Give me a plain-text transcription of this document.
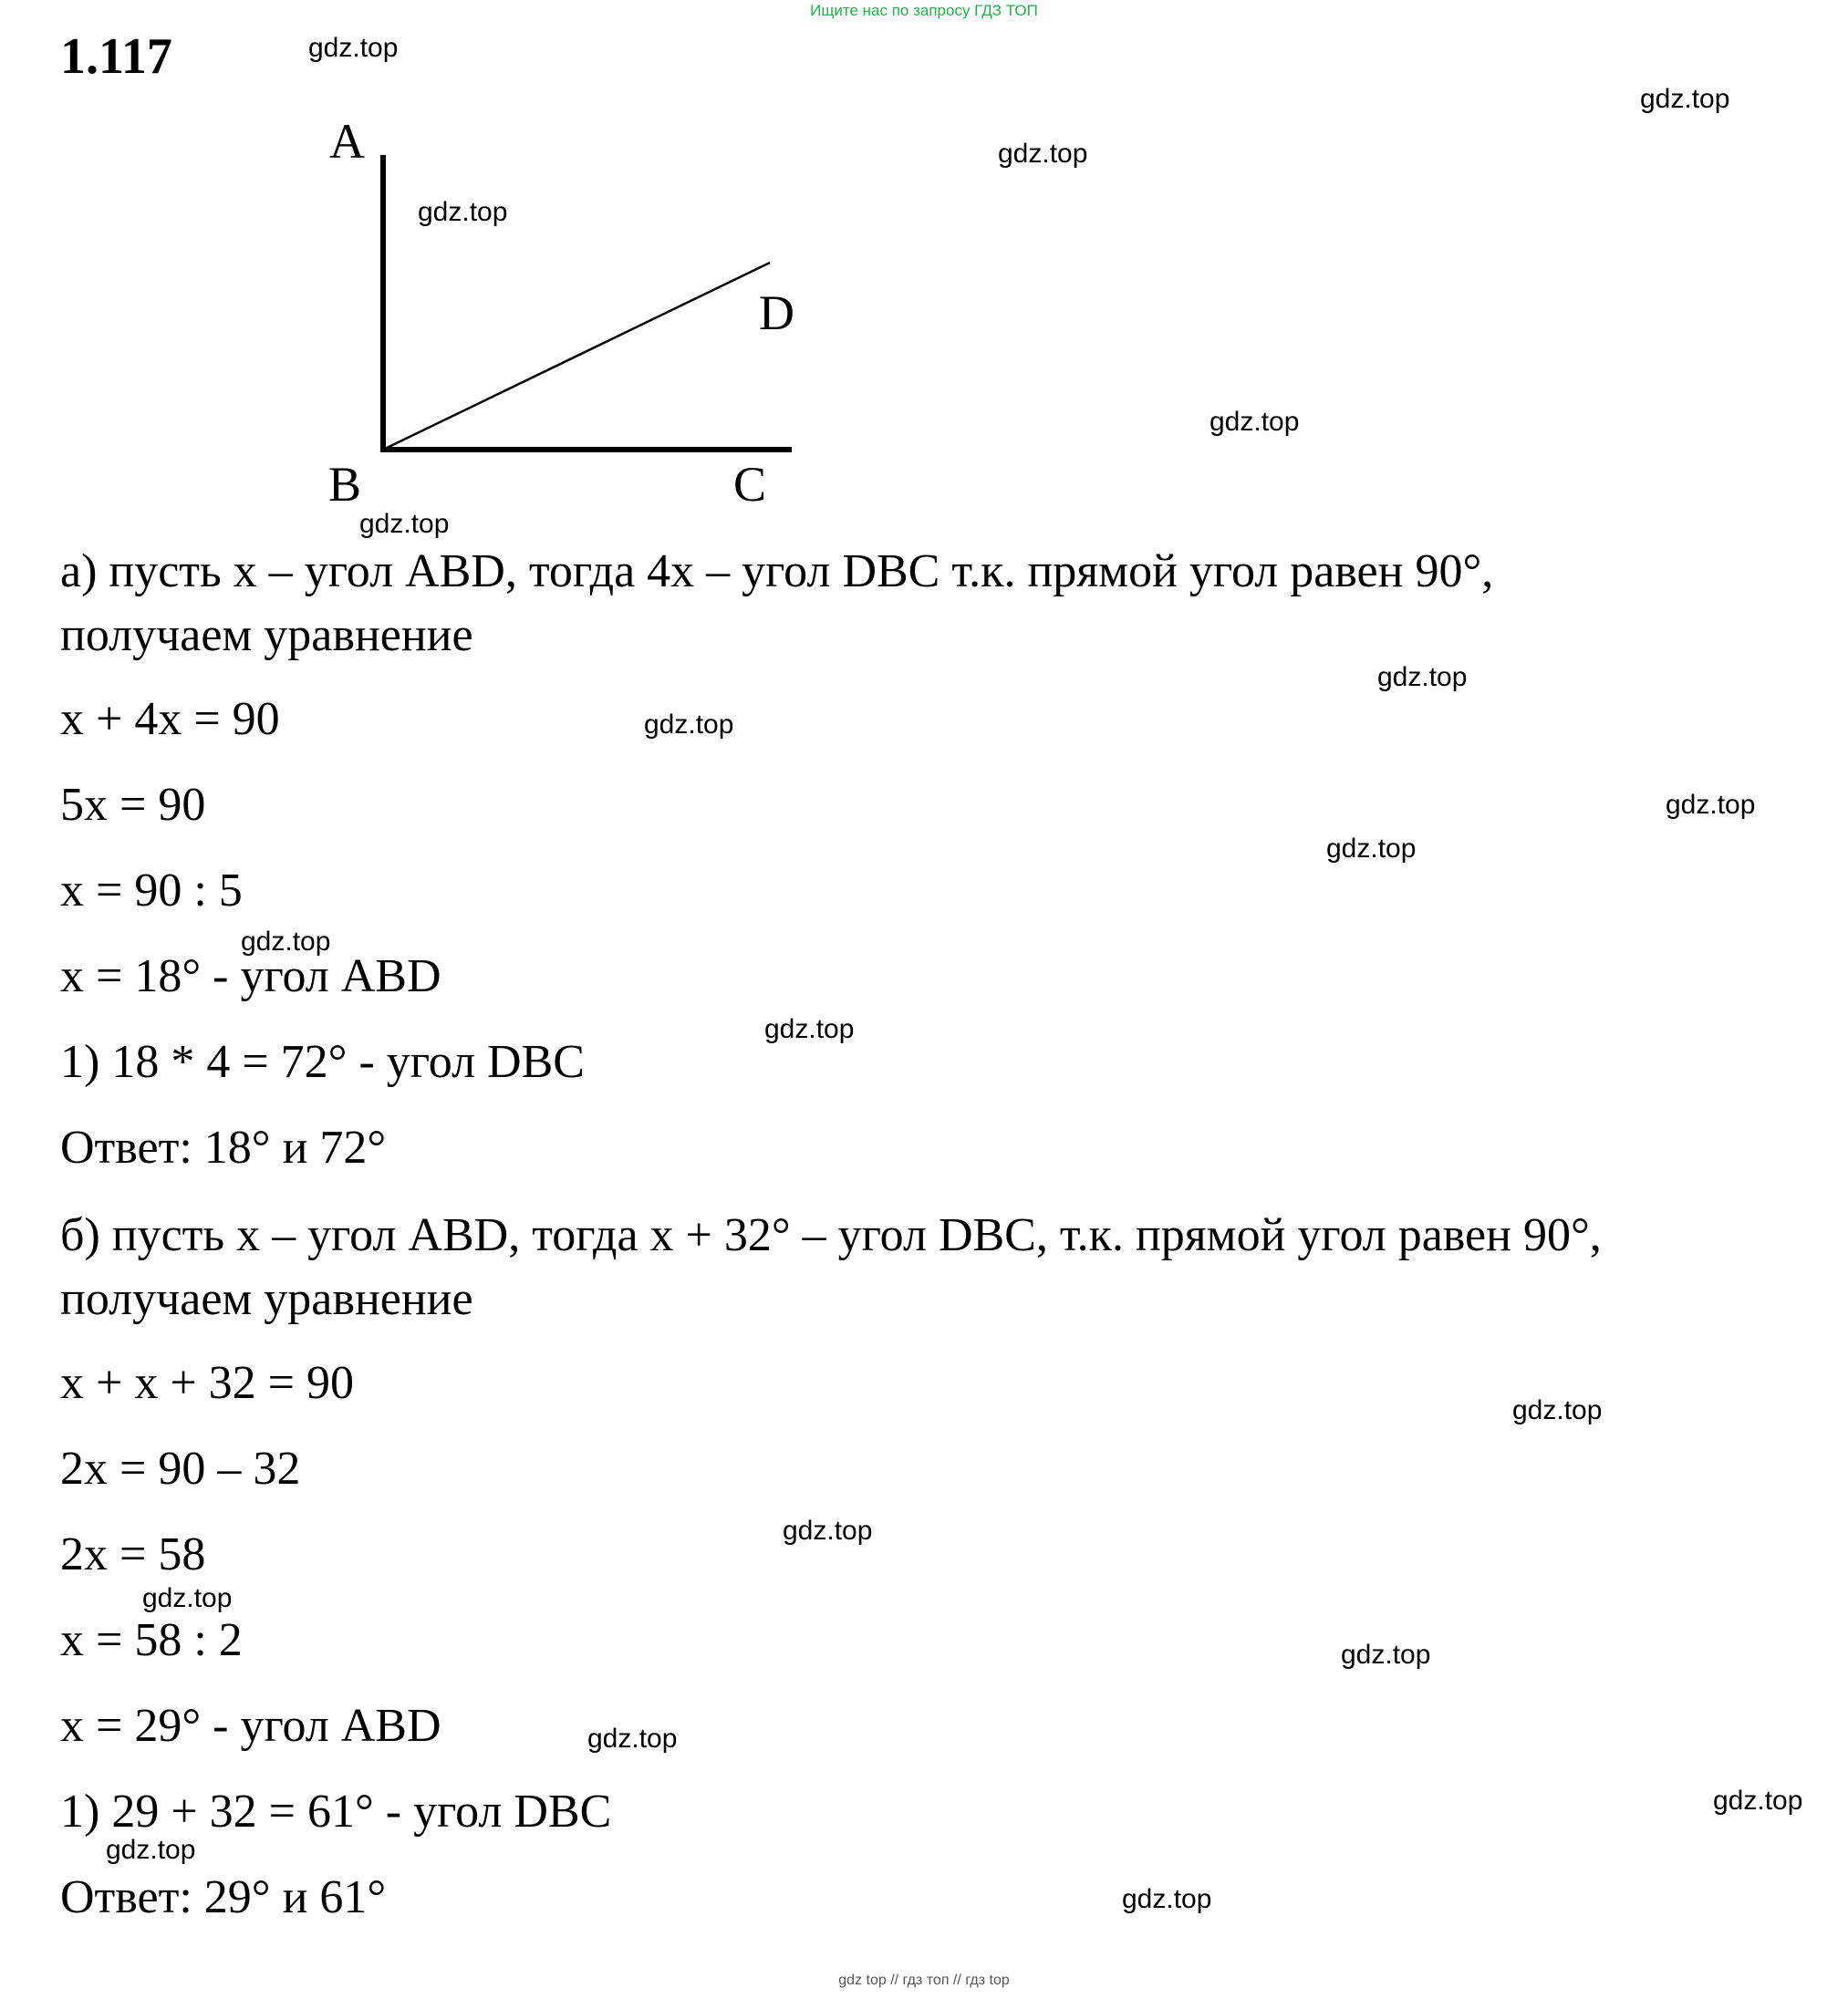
Ищите нас по запросу ГДЗ ТОП
1.117	gdz.top
gdz.top
gdz.top
gdz.top
gdz.top
gdz.top
gdz.top
gdz.top
gdz.top
gdz.top
gdz.top
gdz.top
gdz.top
gdz.top
gdz.top
gdz.top
gdz.top
gdz.top
gdz.top
gdz.top
A
D
B	C
а) пусть x – угол ABD, тогда 4x – угол DBC т.к. прямой угол равен 90°,
получаем уравнение
x + 4x = 90
5x = 90
x = 90 : 5
x = 18° - угол ABD
1) 18 * 4 = 72° - угол DBC
Ответ: 18° и 72°
б) пусть x – угол ABD, тогда x + 32° – угол DBC, т.к. прямой угол равен 90°,
получаем уравнение
x + x + 32 = 90
2x = 90 – 32
2x = 58
x = 58 : 2
x = 29° - угол ABD
1) 29 + 32 = 61° - угол DBC
Ответ: 29° и 61°
gdz top // гдз топ // гдз top
